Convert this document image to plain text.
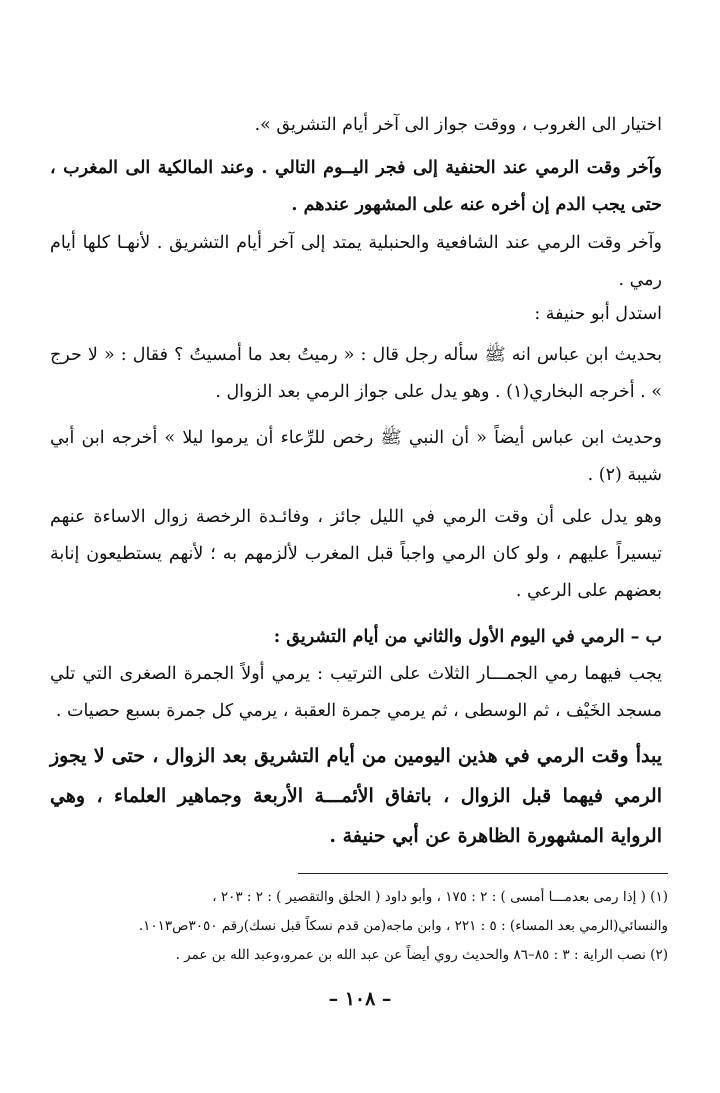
اختيار الى الغروب ، ووقت جواز الى آخر أيام التشريق ».

وآخر وقت الرمي عند الحنفية إلى فجر اليــوم التالي . وعند المالكية الى المغرب ، حتى يجب الدم إن أخره عنه على المشهور عندهم .

وآخر وقت الرمي عند الشافعية والحنبلية يمتد إلى آخر أيام التشريق . لأنهـا كلها أيام رمي .

استدل أبو حنيفة :

بحديث ابن عباس انه ﷺ سأله رجل قال : « رميتُ بعد ما أمسيتُ ؟ فقال : « لا حرج » . أخرجه البخاري(١) . وهو يدل على جواز الرمي بعد الزوال .

وحديث ابن عباس أيضاً « أن النبي ﷺ رخص للرِّعاء أن يرموا ليلا » أخرجه ابن أبي شيبة (٢) .

وهو يدل على أن وقت الرمي في الليل جائز ، وفائـدة الرخصة زوال الاساءة عنهم تيسيراً عليهم ، ولو كان الرمي واجباً قبل المغرب لألزمهم به ؛ لأنهم يستطيعون إنابة بعضهم على الرعي .

ب – الرمي في اليوم الأول والثاني من أيام التشريق :

يجب فيهما رمي الجمـــار الثلاث على الترتيب : يرمي أولاً الجمرة الصغرى التي تلي مسجد الخَيْف ، ثم الوسطى ، ثم يرمي جمرة العقبة ، يرمي كل جمرة بسبع حصيات .

يبدأ وقت الرمي في هذين اليومين من أيام التشريق بعد الزوال ، حتى لا يجوز الرمي فيهما قبل الزوال ، باتفاق الأئمـــة الأربعة وجماهير العلماء ، وهي الرواية المشهورة الظاهرة عن أبي حنيفة .

(١) ( إذا رمى بعدمـــا أمسى ) : ٢ : ١٧٥ ، وأبو داود ( الحلق والتقصير ) : ٢ : ٢٠٣ ،

والنسائي(الرمي بعد المساء) : ٥ : ٢٢١ ، وابن ماجه(من قدم نسكاً قبل نسك)رقم ٣٠٥٠ص١٠١٣.

(٢) نصب الراية : ٣ : ٨٥–٨٦ والحديث روي أيضاً عن عبد الله بن عمرو،وعبد الله بن عمر .

– ١٠٨ –
